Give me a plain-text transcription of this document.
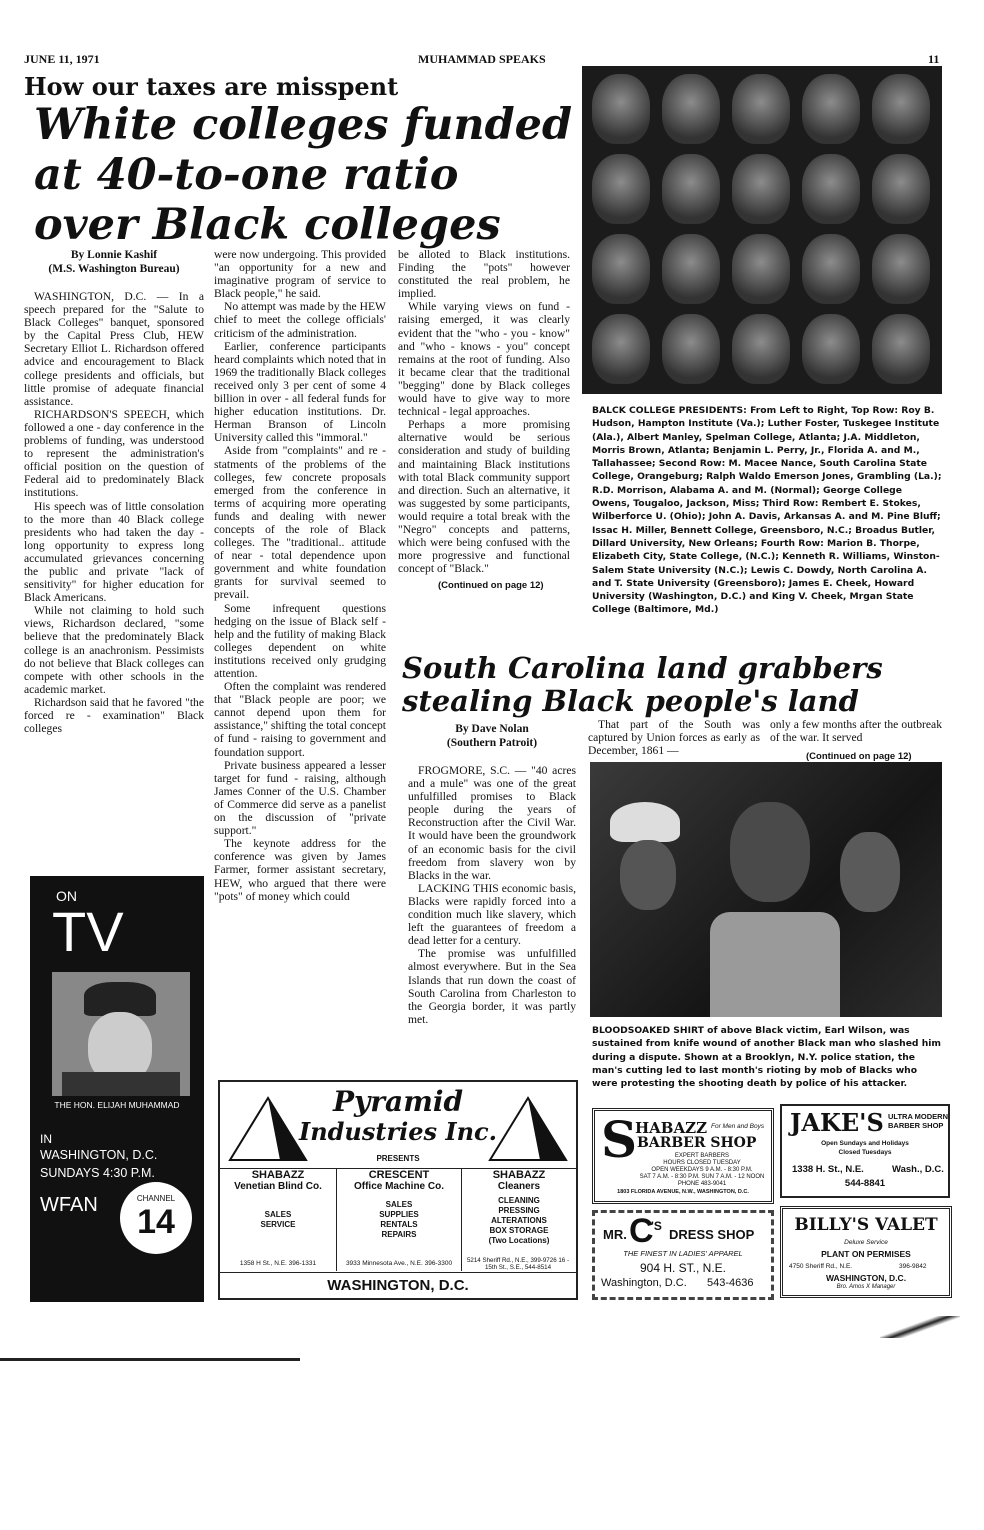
JUNE 11, 1971	MUHAMMAD SPEAKS	11
How our taxes are misspent
White colleges funded
at 40-to-one ratio
over Black colleges
By Lonnie Kashif
(M.S. Washington Bureau)

WASHINGTON, D.C. — In a speech prepared for the "Salute to Black Colleges" banquet, sponsored by the Capital Press Club, HEW Secretary Elliot L. Richardson offered advice and encouragement to Black college presidents and officials, but little promise of adequate financial assistance.

RICHARDSON'S SPEECH, which followed a one - day conference in the problems of funding, was understood to represent the administration's official position on the question of Federal aid to predominately Black institutions.

His speech was of little consolation to the more than 40 Black college presidents who had taken the day - long opportunity to express long accumulated grievances concerning the public and private "lack of sensitivity" for higher education for Black Americans.

While not claiming to hold such views, Richardson declared, "some believe that the predominately Black college is an anachronism. Pessimists do not believe that Black colleges can compete with other schools in the academic market.

Richardson said that he favored "the forced re - examination" Black colleges

were now undergoing. This provided "an opportunity for a new and imaginative program of service to Black people," he said.

No attempt was made by the HEW chief to meet the college officials' criticism of the administration.

Earlier, conference participants heard complaints which noted that in 1969 the traditionally Black colleges received only 3 per cent of some 4 billion in over - all federal funds for higher education institutions. Dr. Herman Branson of Lincoln University called this "immoral."

Aside from "complaints" and re - statments of the problems of the colleges, few concrete proposals emerged from the conference in terms of acquiring more operating funds and dealing with newer concepts of the role of Black colleges. The "traditional.. attitude of near - total dependence upon government and white foundation grants for survival seemed to prevail.

Some infrequent questions hedging on the issue of Black self - help and the futility of making Black colleges dependent on white institutions received only grudging attention.

Often the complaint was rendered that "Black people are poor; we cannot depend upon them for assistance," shifting the total concept of fund - raising to government and foundation support.

Private business appeared a lesser target for fund - raising, although James Conner of the U.S. Chamber of Commerce did serve as a panelist on the discussion of "private support."

The keynote address for the conference was given by James Farmer, former assistant secretary, HEW, who argued that there were "pots" of money which could

be alloted to Black institutions. Finding the "pots" however constituted the real problem, he implied.

While varying views on fund - raising emerged, it was clearly evident that the "who - you - know" and "who - knows - you" concept remains at the root of funding. Also it became clear that the traditional "begging" done by Black colleges would have to give way to more technical - legal approaches.

Perhaps a more promising alternative would be serious consideration and study of building and maintaining Black institutions with total Black community support and direction. Such an alternative, it was suggested by some participants, would require a total break with the "Negro" concepts and patterns, which were being confused with the more progressive and functional concept of "Black."

(Continued on page 12)
BALCK COLLEGE PRESIDENTS: From Left to Right, Top Row: Roy B. Hudson, Hampton Institute (Va.); Luther Foster, Tuskegee Institute (Ala.), Albert Manley, Spelman College, Atlanta; J.A. Middleton, Morris Brown, Atlanta; Benjamin L. Perry, Jr., Florida A. and M., Tallahassee; Second Row: M. Macee Nance, South Carolina State College, Orangeburg; Ralph Waldo Emerson Jones, Grambling (La.); R.D. Morrison, Alabama A. and M. (Normal); George College Owens, Tougaloo, Jackson, Miss; Third Row: Rembert E. Stokes, Wilberforce U. (Ohio); John A. Davis, Arkansas A. and M. Pine Bluff; Issac H. Miller, Bennett College, Greensboro, N.C.; Broadus Butler, Dillard University, New Orleans; Fourth Row: Marion B. Thorpe, Elizabeth City, State College, (N.C.); Kenneth R. Williams, Winston-Salem State University (N.C.); Lewis C. Dowdy, North Carolina A. and T. State University (Greensboro); James E. Cheek, Howard University (Washington, D.C.) and King V. Cheek, Mrgan State College (Baltimore, Md.)
South Carolina land grabbers
stealing Black people's land
By Dave Nolan
(Southern Patroit)

FROGMORE, S.C. — "40 acres and a mule" was one of the great unfulfilled promises to Black people during the years of Reconstruction after the Civil War. It would have been the groundwork of an economic basis for the civil freedom from slavery won by Blacks in the war.

LACKING THIS economic basis, Blacks were rapidly forced into a condition much like slavery, which left the guarantees of freedom a dead letter for a century.

The promise was unfulfilled almost everywhere. But in the Sea Islands that run down the coast of South Carolina from Charleston to the Georgia border, it was partly met.

That part of the South was captured by Union forces as early as December, 1861 —

only a few months after the outbreak of the war. It served

(Continued on page 12)
BLOODSOAKED SHIRT of above Black victim, Earl Wilson, was sustained from knife wound of another Black man who slashed him during a dispute. Shown at a Brooklyn, N.Y. police station, the man's cutting led to last month's rioting by mob of Blacks who were protesting the shooting death by police of his attacker.
ON
TV
THE HON. ELIJAH MUHAMMAD
IN
WASHINGTON, D.C.
SUNDAYS 4:30 P.M.
WFAN	CHANNEL
14
Pyramid
Industries Inc.
PRESENTS
SHABAZZ
Venetian Blind Co.
SALES
SERVICE
1358 H St., N.E. 396-1331
CRESCENT
Office Machine Co.
SALES
SUPPLIES
RENTALS
REPAIRS
3933 Minnesota Ave., N.E. 396-3300
SHABAZZ
Cleaners
CLEANING
PRESSING
ALTERATIONS
BOX STORAGE
(Two Locations)
5214 Sheriff Rd., N.E., 399-9726 16 - 15th St., S.E., 544-8514
WASHINGTON, D.C.
S
HABAZZ For Men and Boys
BARBER SHOP
EXPERT BARBERS
HOURS CLOSED TUESDAY
OPEN WEEKDAYS 9 A.M. - 8:30 P.M.
SAT 7 A.M. - 8:30 P.M. SUN 7 A.M. - 12 NOON
PHONE 483-9041
1803 FLORIDA AVENUE, N.W., WASHINGTON, D.C.
JAKE'S ULTRA MODERN
BARBER SHOP
Open Sundays and Holidays
Closed Tuesdays
1338 H. St., N.E.	Wash., D.C.
544-8841
MR. C
'S
DRESS SHOP
THE FINEST IN LADIES' APPAREL
904 H. ST., N.E.
Washington, D.C. 543-4636
BILLY'S VALET
Deluxe Service
PLANT ON PERMISES
4750 Sheriff Rd., N.E.	396-9842
WASHINGTON, D.C.
Bro. Amos X Manager
